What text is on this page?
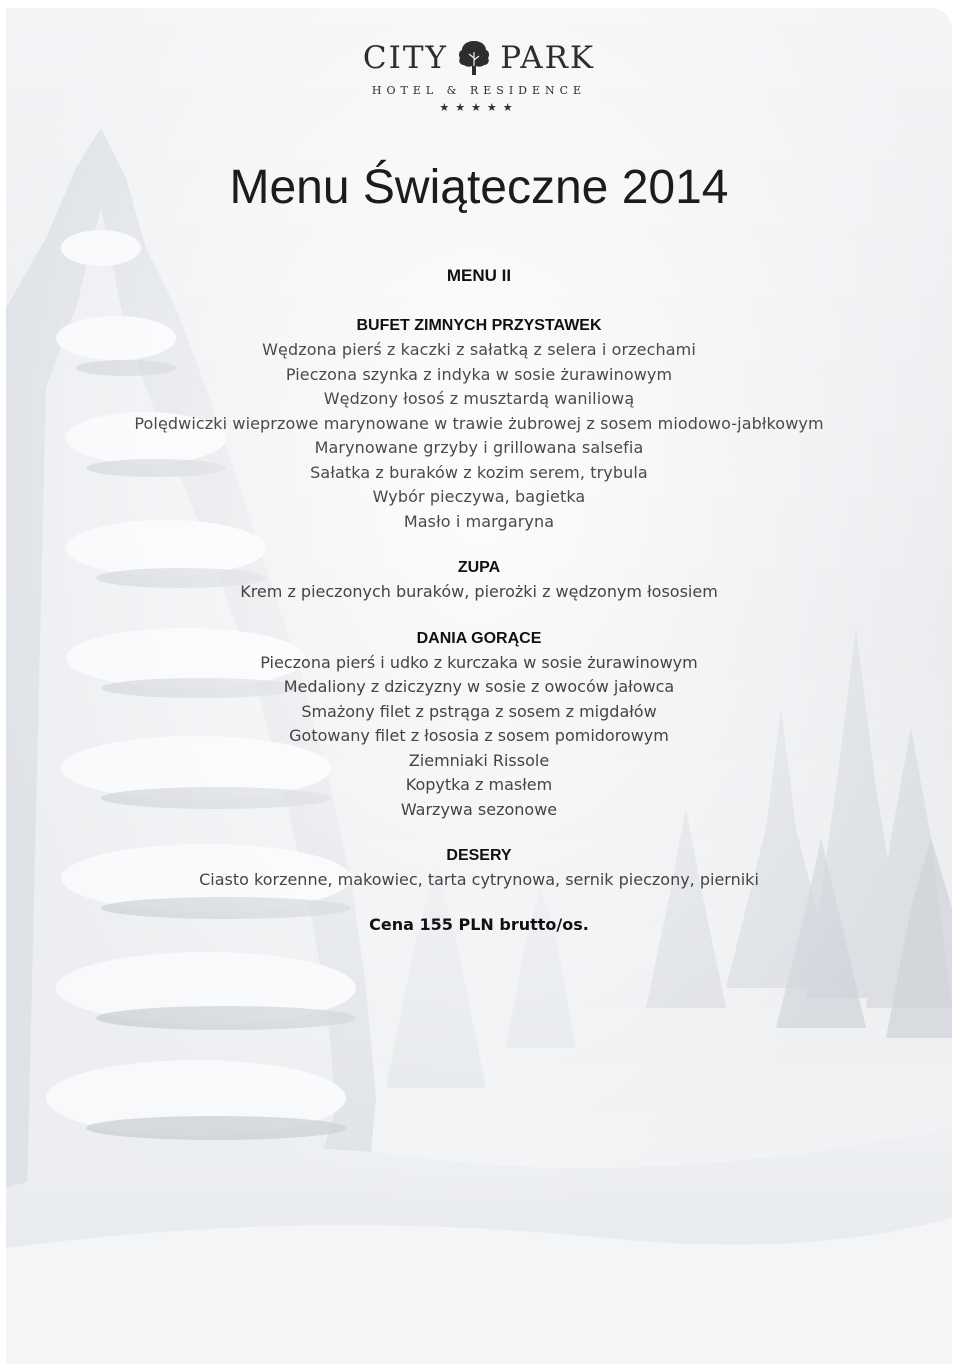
CITY PARK
HOTEL & RESIDENCE
★★★★★
Menu Świąteczne 2014
MENU II
BUFET ZIMNYCH PRZYSTAWEK
Wędzona pierś z kaczki z sałatką z selera i orzechami
Pieczona szynka z indyka w sosie żurawinowym
Wędzony łosoś z musztardą waniliową
Polędwiczki wieprzowe marynowane w trawie żubrowej z sosem miodowo-jabłkowym
Marynowane grzyby i grillowana salsefia
Sałatka z buraków z kozim serem, trybula
Wybór pieczywa, bagietka
Masło i margaryna
ZUPA
Krem z pieczonych buraków, pierożki z wędzonym łososiem
DANIA GORĄCE
Pieczona pierś i udko z kurczaka w sosie żurawinowym
Medaliony z dziczyzny w sosie z owoców jałowca
Smażony filet z pstrąga z sosem z migdałów
Gotowany filet z łososia z sosem pomidorowym
Ziemniaki Rissole
Kopytka z masłem
Warzywa sezonowe
DESERY
Ciasto korzenne, makowiec, tarta cytrynowa, sernik pieczony, pierniki
Cena 155 PLN brutto/os.
